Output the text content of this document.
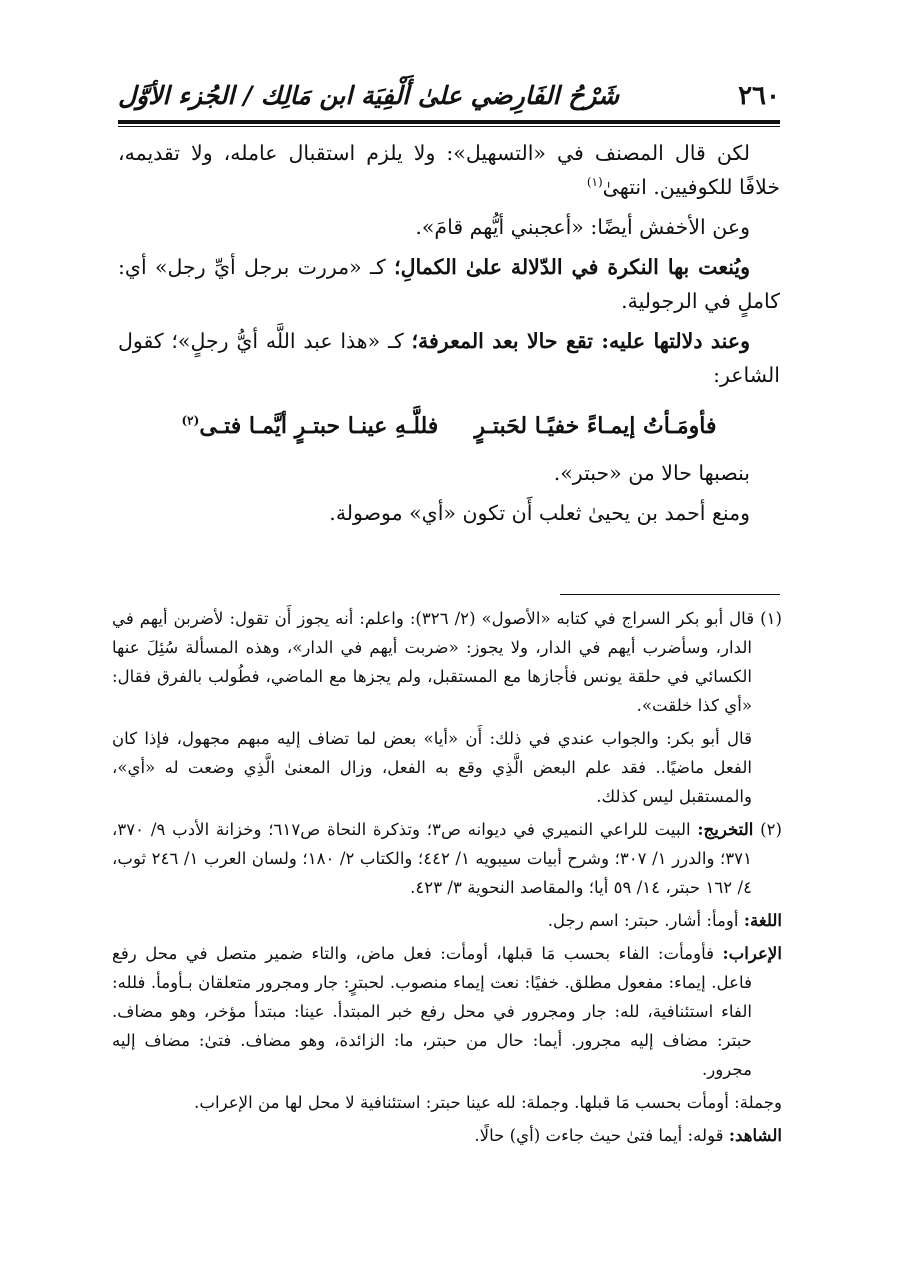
٢٦٠
شَرْحُ الفَارِضي علىٰ أَلْفِيَة ابن مَالِك / الجُزء الأوَّل

لكن قال المصنف في «التسهيل»: ولا يلزم استقبال عامله، ولا تقديمه، خلافًا للكوفيين. انتهىٰ$^{(١)}$

وعن الأخفش أيضًا: «أعجبني أيُّهم قامَ».

ويُنعت بها النكرة في الدّلالة علىٰ الكمالِ؛ كـ «مررت برجل أيِّ رجل» أي: كاملٍ في الرجولية.

وعند دلالتها عليه: تقع حالا بعد المعرفة؛ كـ «هذا عبد اللَّه أيُّ رجلٍ»؛ كقول الشاعر:

فأومَـأتُ إيمـاءً خفيًـا لحَبتـرٍ
فللَّـهِ عينـا حبتـرٍ أيَّمـا فتـى$^{(٢)}$

بنصبها حالا من «حبتر».

ومنع أحمد بن يحيىٰ ثعلب أَن تكون «أي» موصولة.

(١) قال أبو بكر السراج في كتابه «الأصول» (٢/ ٣٢٦): واعلم: أنه يجوز أَن تقول: لأضربن أيهم في الدار، وسأضرب أيهم في الدار، ولا يجوز: «ضربت أيهم في الدار»، وهذه المسألة سُئِلَ عنها الكسائي في حلقة يونس فأجازها مع المستقبل، ولم يجزها مع الماضي، فطُولب بالفرق فقال: «أي كذا خلقت».

قال أبو بكر: والجواب عندي في ذلك: أَن «أيا» بعض لما تضاف إليه مبهم مجهول، فإذا كان الفعل ماضيًا.. فقد علم البعض الَّذِي وقع به الفعل، وزال المعنىٰ الَّذِي وضعت له «أي»، والمستقبل ليس كذلك.

(٢) التخريج: البيت للراعي النميري في ديوانه ص٣؛ وتذكرة النحاة ص٦١٧؛ وخزانة الأدب ٩/ ٣٧٠، ٣٧١؛ والدرر ١/ ٣٠٧؛ وشرح أبيات سيبويه ١/ ٤٤٢؛ والكتاب ٢/ ١٨٠؛ ولسان العرب ١/ ٢٤٦ ثوب، ٤/ ١٦٢ حبتر، ١٤/ ٥٩ أيا؛ والمقاصد النحوية ٣/ ٤٢٣.

اللغة: أومأ: أشار. حبتر: اسم رجل.

الإعراب: فأومأت: الفاء بحسب مَا قبلها، أومأت: فعل ماض، والتاء ضمير متصل في محل رفع فاعل. إيماء: مفعول مطلق. خفيًا: نعت إيماء منصوب. لحبترٍ: جار ومجرور متعلقان بـأومأ. فلله: الفاء استئنافية، لله: جار ومجرور في محل رفع خبر المبتدأ. عينا: مبتدأ مؤخر، وهو مضاف. حبتر: مضاف إليه مجرور. أيما: حال من حبتر، ما: الزائدة، وهو مضاف. فتىٰ: مضاف إليه مجرور.

وجملة: أومأت بحسب مَا قبلها. وجملة: لله عينا حبتر: استئنافية لا محل لها من الإعراب.

الشاهد: قوله: أيما فتىٰ حيث جاءت (أي) حالًا.
